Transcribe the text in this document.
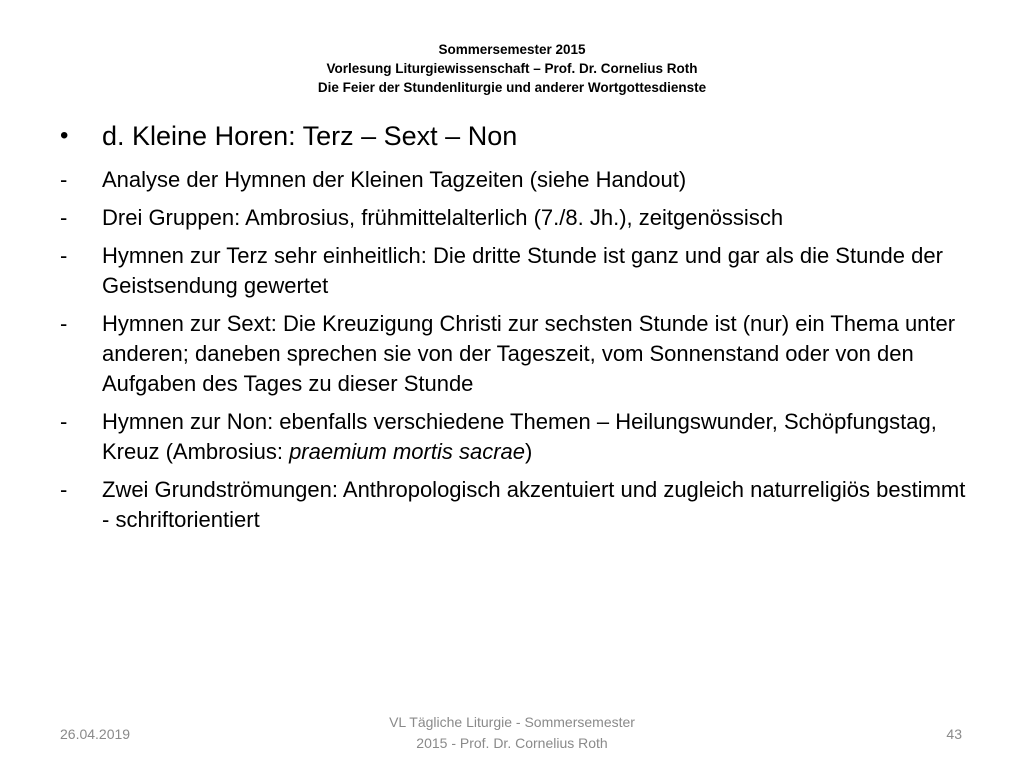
Sommersemester 2015
Vorlesung Liturgiewissenschaft – Prof. Dr. Cornelius Roth
Die Feier der Stundenliturgie und anderer Wortgottesdienste
•	d. Kleine Horen: Terz – Sext – Non
-	Analyse der Hymnen der Kleinen Tagzeiten (siehe Handout)
-	Drei Gruppen: Ambrosius, frühmittelalterlich (7./8. Jh.), zeitgenössisch
-	Hymnen zur Terz sehr einheitlich: Die dritte Stunde ist ganz und gar als die Stunde der Geistsendung gewertet
-	Hymnen zur Sext: Die Kreuzigung Christi zur sechsten Stunde ist (nur) ein Thema unter anderen; daneben sprechen sie von der Tageszeit, vom Sonnenstand oder von den Aufgaben des Tages zu dieser Stunde
-	Hymnen zur Non: ebenfalls verschiedene Themen – Heilungswunder, Schöpfungstag, Kreuz (Ambrosius: praemium mortis sacrae)
-	Zwei Grundströmungen: Anthropologisch akzentuiert und zugleich naturreligiös bestimmt - schriftorientiert
26.04.2019
VL Tägliche Liturgie - Sommersemester
2015 - Prof. Dr. Cornelius Roth
43
